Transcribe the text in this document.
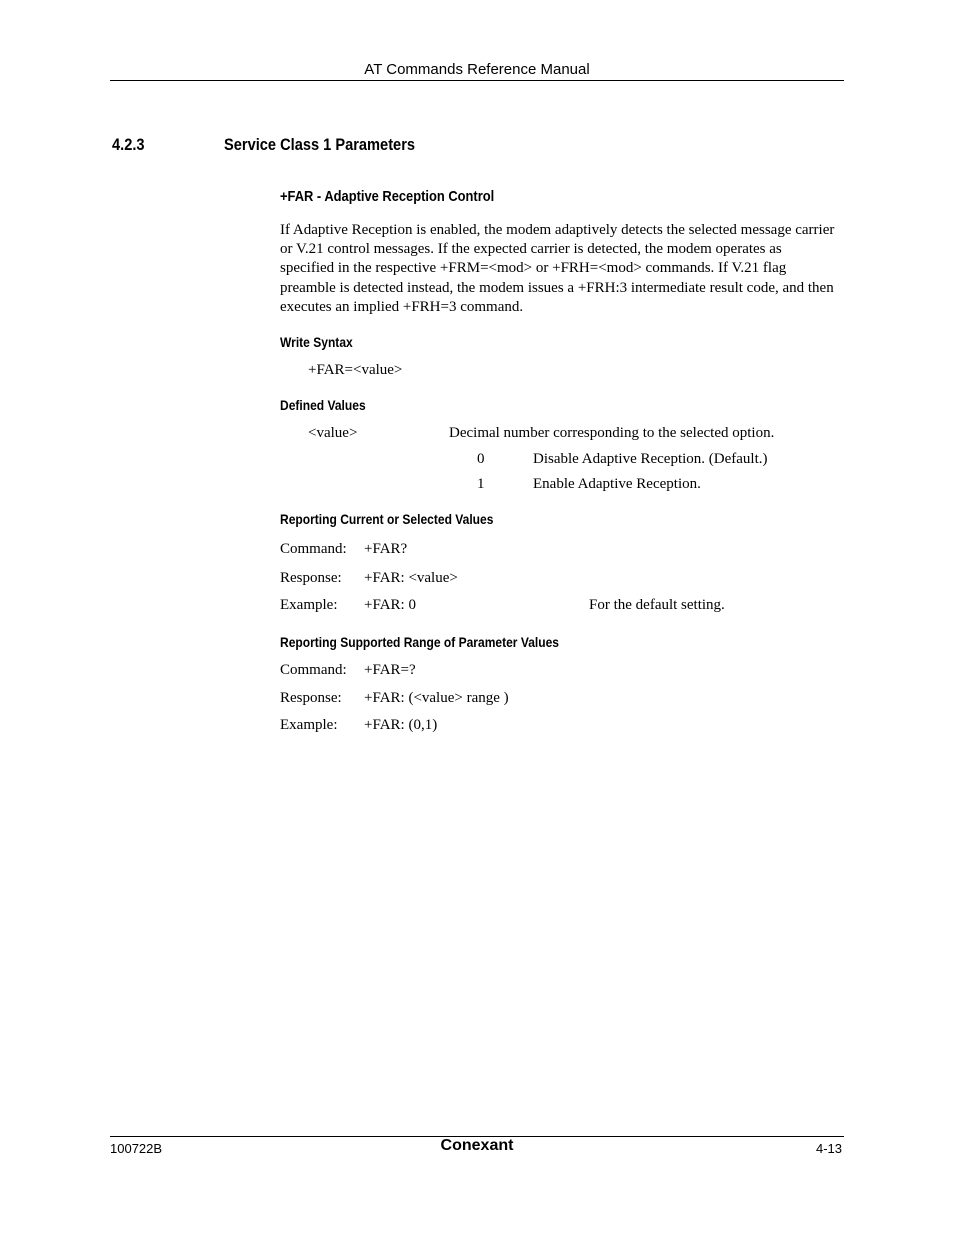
AT Commands Reference Manual
4.2.3	Service Class 1 Parameters
+FAR - Adaptive Reception Control

If Adaptive Reception is enabled, the modem adaptively detects the selected message carrier or V.21 control messages. If the expected carrier is detected, the modem operates as specified in the respective +FRM=<mod> or +FRH=<mod> commands. If V.21 flag preamble is detected instead, the modem issues a +FRH:3 intermediate result code, and then executes an implied +FRH=3 command.

Write Syntax
+FAR=<value>
Defined Values
<value>	Decimal number corresponding to the selected option.
0	Disable Adaptive Reception. (Default.)
1	Enable Adaptive Reception.
Reporting Current or Selected Values
Command: +FAR?
Response: +FAR: <value>
Example: +FAR: 0	For the default setting.
Reporting Supported Range of Parameter Values
Command: +FAR=?
Response: +FAR: (<value> range )
Example: +FAR: (0,1)
100722B	Conexant	4-13
